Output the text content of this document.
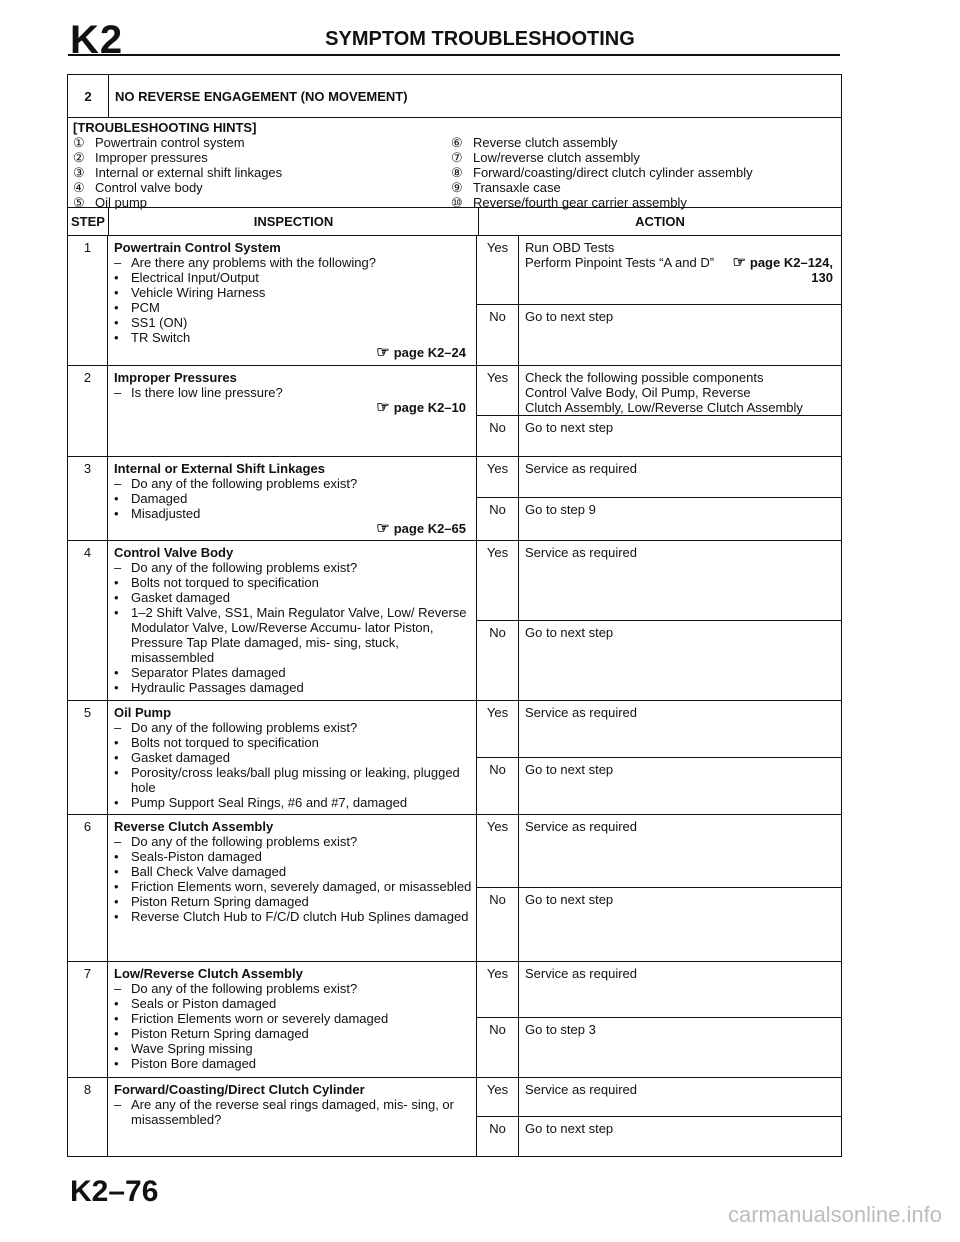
K2	SYMPTOM TROUBLESHOOTING
2	NO REVERSE ENGAGEMENT (NO MOVEMENT)
[TROUBLESHOOTING HINTS]
① Powertrain control system
② Improper pressures
③ Internal or external shift linkages
④ Control valve body
⑤ Oil pump
⑥ Reverse clutch assembly
⑦ Low/reverse clutch assembly
⑧ Forward/coasting/direct clutch cylinder assembly
⑨ Transaxle case
⑩ Reverse/fourth gear carrier assembly
STEP	INSPECTION	ACTION
1	Powertrain Control System
– Are there any problems with the following?
• Electrical Input/Output
• Vehicle Wiring Harness
• PCM
• SS1 (ON)
• TR Switch
☞ page K2–24
Yes	Run OBD Tests
Perform Pinpoint Tests “A and D”	☞ page K2–124,
130
No	Go to next step
2	Improper Pressures
– Is there low line pressure?
☞ page K2–10
Yes	Check the following possible components
Control Valve Body, Oil Pump, Reverse
Clutch Assembly, Low/Reverse Clutch Assembly
No	Go to next step
3	Internal or External Shift Linkages
– Do any of the following problems exist?
• Damaged
• Misadjusted
☞ page K2–65
Yes	Service as required
No	Go to step 9
4	Control Valve Body
– Do any of the following problems exist?
• Bolts not torqued to specification
• Gasket damaged
• 1–2 Shift Valve, SS1, Main Regulator Valve, Low/ Reverse Modulator Valve, Low/Reverse Accumu- lator Piston, Pressure Tap Plate damaged, mis- sing, stuck, misassembled
• Separator Plates damaged
• Hydraulic Passages damaged
Yes	Service as required
No	Go to next step
5	Oil Pump
– Do any of the following problems exist?
• Bolts not torqued to specification
• Gasket damaged
• Porosity/cross leaks/ball plug missing or leaking, plugged hole
• Pump Support Seal Rings, #6 and #7, damaged
Yes	Service as required
No	Go to next step
6	Reverse Clutch Assembly
– Do any of the following problems exist?
• Seals-Piston damaged
• Ball Check Valve damaged
• Friction Elements worn, severely damaged, or misassebled
• Piston Return Spring damaged
• Reverse Clutch Hub to F/C/D clutch Hub Splines damaged
Yes	Service as required
No	Go to next step
7	Low/Reverse Clutch Assembly
– Do any of the following problems exist?
• Seals or Piston damaged
• Friction Elements worn or severely damaged
• Piston Return Spring damaged
• Wave Spring missing
• Piston Bore damaged
Yes	Service as required
No	Go to step 3
8	Forward/Coasting/Direct Clutch Cylinder
– Are any of the reverse seal rings damaged, mis- sing, or misassembled?
Yes	Service as required
No	Go to next step
K2–76
carmanualsonline.info
